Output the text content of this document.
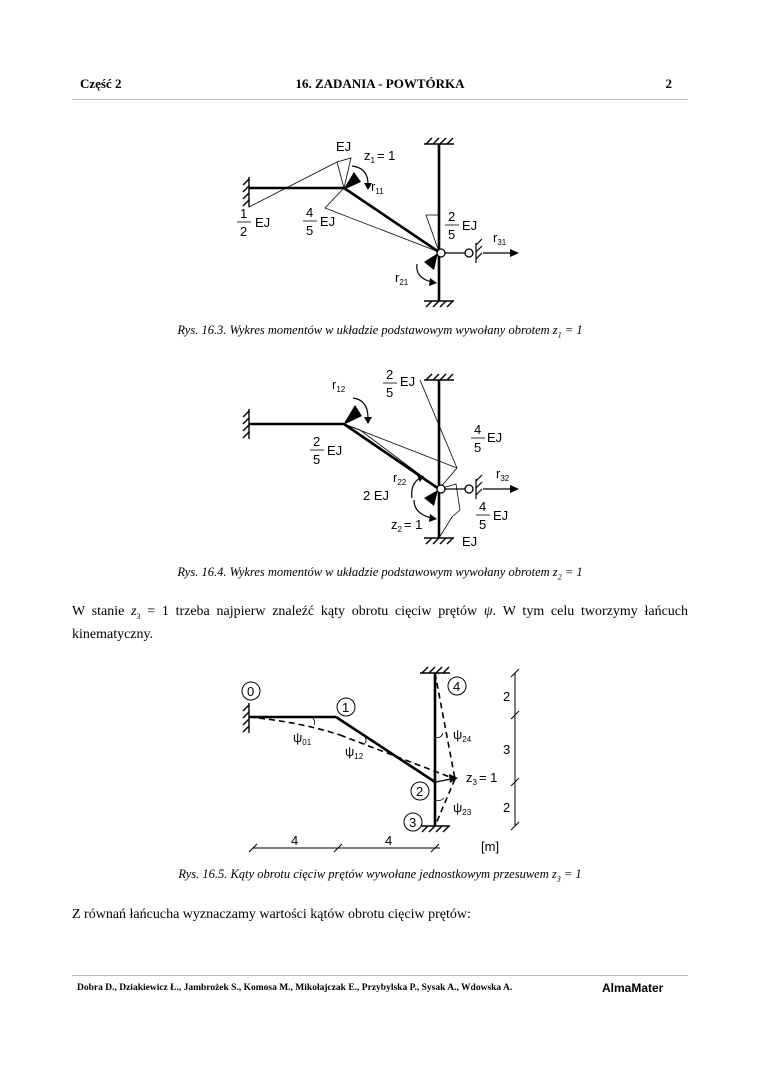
Część 2	16. ZADANIA - POWTÓRKA	2
EJ
$z_1 = 1$
$r_{11}$
1
2
EJ
4
5
EJ	2
5
EJ
$r_{31}$
$r_{21}$
Rys. 16.3. Wykres momentów w układzie podstawowym wywołany obrotem $z_1 = 1$
$r_{12}$
2
5
EJ
2
5
EJ
4
5
EJ
$r_{32}$
$r_{22}$
2 EJ
4
5
EJ
$z_2 = 1$
EJ
Rys. 16.4. Wykres momentów w układzie podstawowym wywołany obrotem $z_2 = 1$
W stanie $z_3 = 1$ trzeba najpierw znaleźć kąty obrotu cięciw prętów ψ. W tym celu tworzymy łańcuch kinematyczny.
0
1
2
3
4
$\psi_{01}$
$\psi_{12}$
$\psi_{24}$
$\psi_{23}$
$z_3 = 1$
2
3
2
4	4	[m]
Rys. 16.5. Kąty obrotu cięciw prętów wywołane jednostkowym przesuwem $z_3 = 1$
Z równań łańcucha wyznaczamy wartości kątów obrotu cięciw prętów:
Dobra D., Dziakiewicz Ł., Jambrożek S., Komosa M., Mikołajczak E., Przybylska P., Sysak A., Wdowska A.	AlmaMater
